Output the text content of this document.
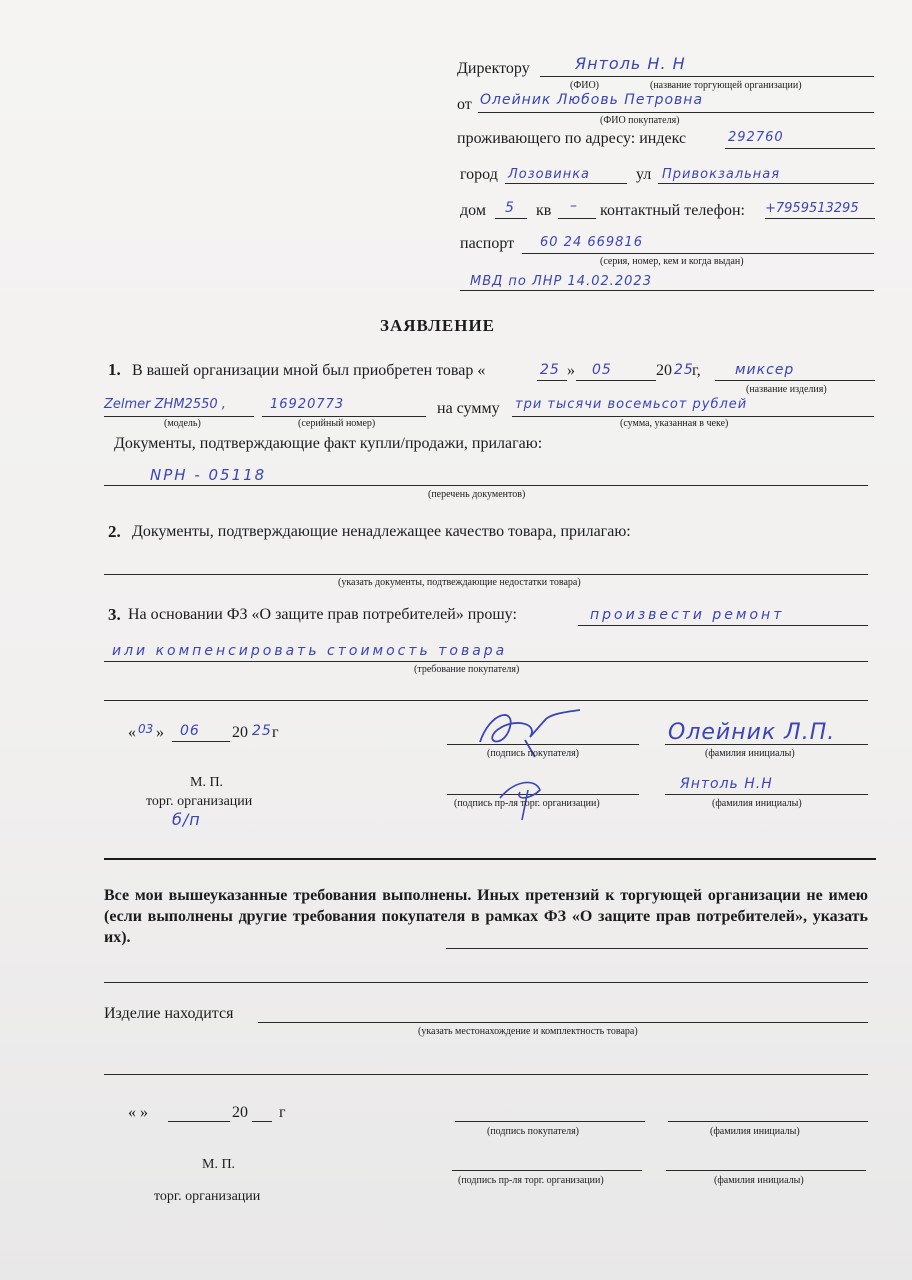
Директору	Янтоль Н. Н
(ФИО)	(название торгующей организации)
от Олейник Любовь Петровна
(ФИО покупателя)
проживающего по адресу: индекс	292760
город Лозовинка	ул Привокзальная
дом 5 кв – контактный телефон: +7959513295
паспорт 60 24 669816
(серия, номер, кем и когда выдан)
МВД по ЛНР 14.02.2023
ЗАЯВЛЕНИЕ
1. В вашей организации мной был приобретен товар «	25 » 05	20 25
г, миксер
(название изделия)
Zelmer ZHM2550 ,	16920773	на сумму три тысячи восемьсот рублей
(модель)	(серийный номер)	(сумма, указанная в чеке)
Документы, подтверждающие факт купли/продажи, прилагаю:
NPH - 05118
(перечень документов)
2. Документы, подтверждающие ненадлежащее качество товара, прилагаю:
(указать документы, подтвеждающие недостатки товара)
3. На основании ФЗ «О защите прав потребителей» прошу:	произвести ремонт
или компенсировать стоимость товара
(требование покупателя)
« 03 » 06 20 25 г
(подпись покупателя)
Олейник Л.П.
(фамилия инициалы)
М. П.
торг. организации
б/п
(подпись пр-ля торг. организации)
Янтоль Н.Н
(фамилия инициалы)
Все мои вышеуказанные требования выполнены. Иных претензий к торгующей организации не имею (если выполнены другие требования покупателя в рамках ФЗ «О защите прав потребителей», указать их).
Изделие находится
(указать местонахождение и комплектность товара)
« »	20 г
(подпись покупателя)	(фамилия инициалы)
М. П.
торг. организации
(подпись пр-ля торг. организации)	(фамилия инициалы)
